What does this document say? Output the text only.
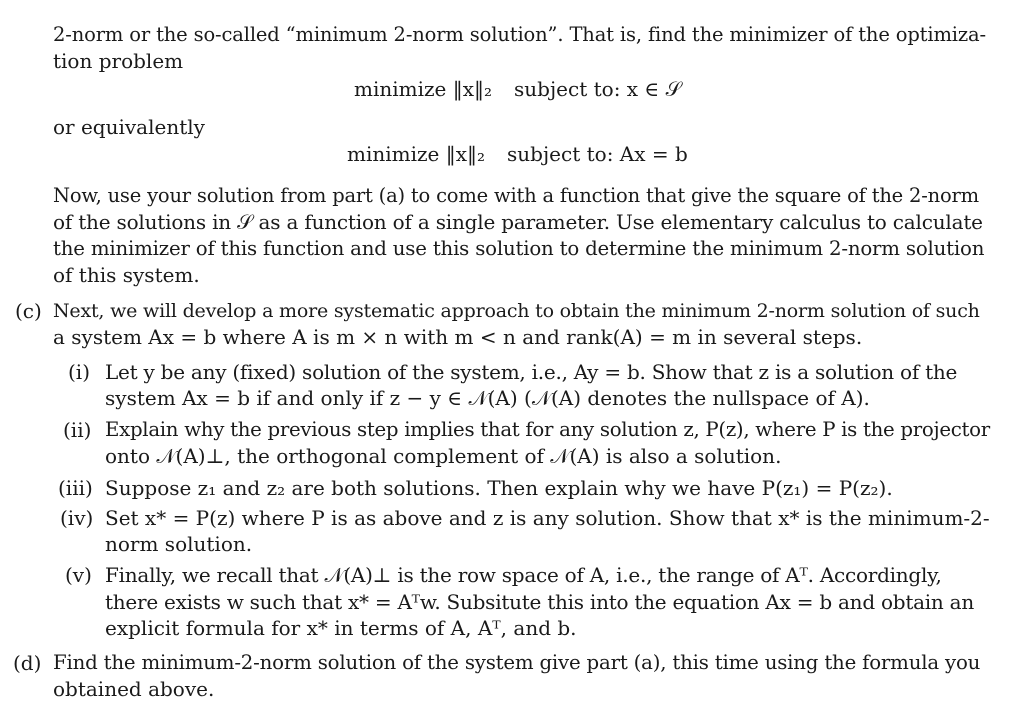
2-norm or the so-called “minimum 2-norm solution”. That is, find the minimizer of the optimiza-
tion problem
minimize ‖x‖₂ subject to: x ∈ 𝒮
or equivalently
minimize ‖x‖₂ subject to: Ax = b
Now, use your solution from part (a) to come with a function that give the square of the 2-norm
of the solutions in 𝒮 as a function of a single parameter. Use elementary calculus to calculate
the minimizer of this function and use this solution to determine the minimum 2-norm solution
of this system.
(c) Next, we will develop a more systematic approach to obtain the minimum 2-norm solution of such
a system Ax = b where A is m × n with m < n and rank(A) = m in several steps.
(i) Let y be any (fixed) solution of the system, i.e., Ay = b. Show that z is a solution of the
system Ax = b if and only if z − y ∈ 𝒩(A) (𝒩(A) denotes the nullspace of A).
(ii) Explain why the previous step implies that for any solution z, P(z), where P is the projector
onto 𝒩(A)⊥, the orthogonal complement of 𝒩(A) is also a solution.
(iii) Suppose z₁ and z₂ are both solutions. Then explain why we have P(z₁) = P(z₂).
(iv) Set x* = P(z) where P is as above and z is any solution. Show that x* is the minimum-2-
norm solution.
(v) Finally, we recall that 𝒩(A)⊥ is the row space of A, i.e., the range of Aᵀ. Accordingly,
there exists w such that x* = Aᵀw. Subsitute this into the equation Ax = b and obtain an
explicit formula for x* in terms of A, Aᵀ, and b.
(d) Find the minimum-2-norm solution of the system give part (a), this time using the formula you
obtained above.
